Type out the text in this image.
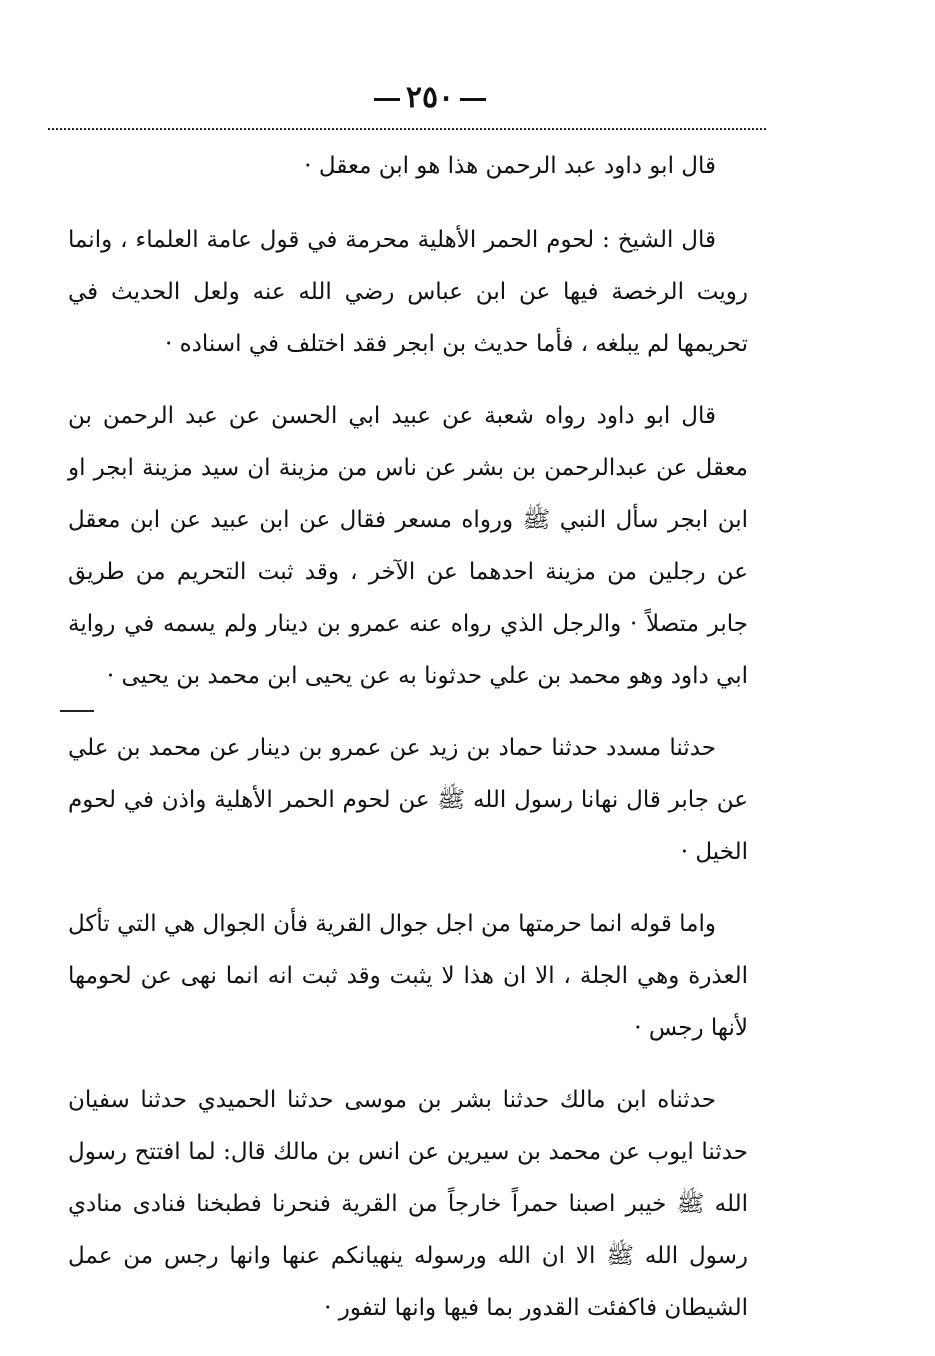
٢٥٠

قال ابو داود عبد الرحمن هذا هو ابن معقل ·

قال الشيخ : لحوم الحمر الأهلية محرمة في قول عامة العلماء ، وانما رويت الرخصة فيها عن ابن عباس رضي الله عنه ولعل الحديث في تحريمها لم يبلغه ، فأما حديث بن ابجر فقد اختلف في اسناده ·

قال ابو داود رواه شعبة عن عبيد ابي الحسن عن عبد الرحمن بن معقل عن عبدالرحمن بن بشر عن ناس من مزينة ان سيد مزينة ابجر او ابن ابجر سأل النبي ﷺ ورواه مسعر فقال عن ابن عبيد عن ابن معقل عن رجلين من مزينة احدهما عن الآخر ، وقد ثبت التحريم من طريق جابر متصلاً · والرجل الذي رواه عنه عمرو بن دينار ولم يسمه في رواية ابي داود وهو محمد بن علي حدثونا به عن يحيى ابن محمد بن يحيى ·

حدثنا مسدد حدثنا حماد بن زيد عن عمرو بن دينار عن محمد بن علي عن جابر قال نهانا رسول الله ﷺ عن لحوم الحمر الأهلية واذن في لحوم الخيل ·

واما قوله انما حرمتها من اجل جوال القرية فأن الجوال هي التي تأكل العذرة وهي الجلة ، الا ان هذا لا يثبت وقد ثبت انه انما نهى عن لحومها لأنها رجس ·

حدثناه ابن مالك حدثنا بشر بن موسى حدثنا الحميدي حدثنا سفيان حدثنا ايوب عن محمد بن سيرين عن انس بن مالك قال: لما افتتح رسول الله ﷺ خيبر اصبنا حمراً خارجاً من القرية فنحرنا فطبخنا فنادى منادي رسول الله ﷺ الا ان الله ورسوله ينهيانكم عنها وانها رجس من عمل الشيطان فاكفئت القدور بما فيها وانها لتفور ·
